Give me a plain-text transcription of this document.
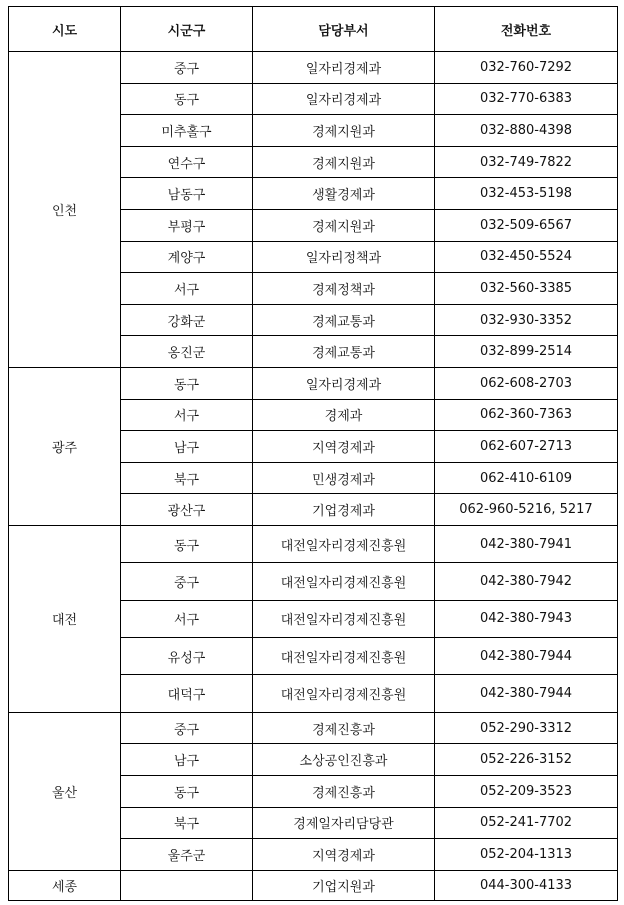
시도	시군구	담당부서	전화번호
인천	중구	일자리경제과	032-760-7292
	동구	일자리경제과	032-770-6383
	미추홀구	경제지원과	032-880-4398
	연수구	경제지원과	032-749-7822
	남동구	생활경제과	032-453-5198
	부평구	경제지원과	032-509-6567
	계양구	일자리정책과	032-450-5524
	서구	경제정책과	032-560-3385
	강화군	경제교통과	032-930-3352
	옹진군	경제교통과	032-899-2514
광주	동구	일자리경제과	062-608-2703
	서구	경제과	062-360-7363
	남구	지역경제과	062-607-2713
	북구	민생경제과	062-410-6109
	광산구	기업경제과	062-960-5216, 5217
대전	동구	대전일자리경제진흥원	042-380-7941
	중구	대전일자리경제진흥원	042-380-7942
	서구	대전일자리경제진흥원	042-380-7943
	유성구	대전일자리경제진흥원	042-380-7944
	대덕구	대전일자리경제진흥원	042-380-7944
울산	중구	경제진흥과	052-290-3312
	남구	소상공인진흥과	052-226-3152
	동구	경제진흥과	052-209-3523
	북구	경제일자리담당관	052-241-7702
	울주군	지역경제과	052-204-1313
세종		기업지원과	044-300-4133
